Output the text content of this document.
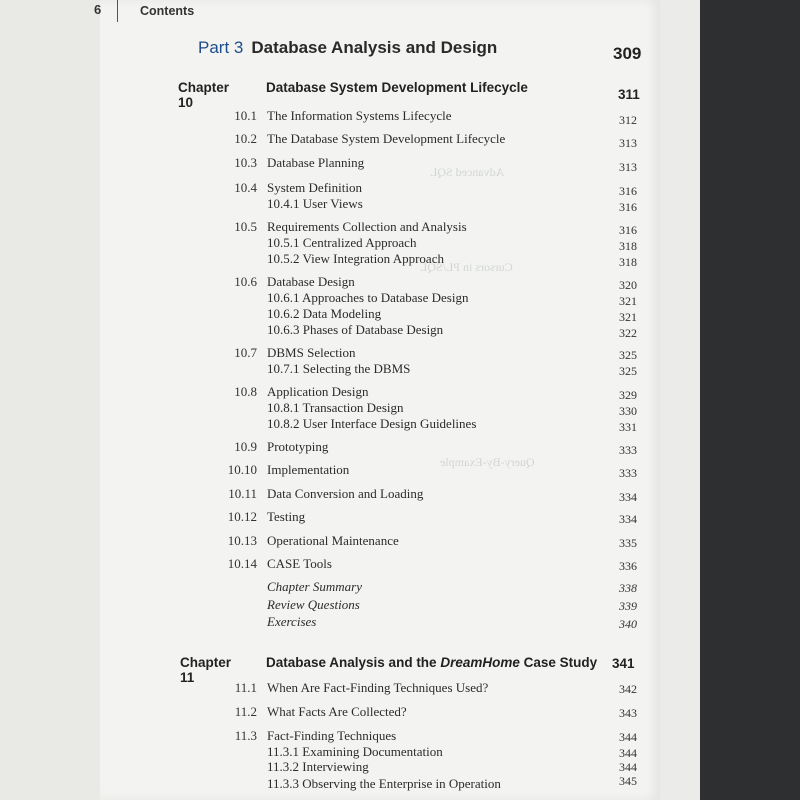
Advanced SQL
Query-By-Example
Cursors in PL/SQL
6	Contents
Part 3 Database Analysis and Design	309
Chapter 10
Database System Development Lifecycle	311
10.1 The Information Systems Lifecycle	312
10.2 The Database System Development Lifecycle	313
10.3 Database Planning	313
10.4 System Definition	316
10.4.1 User Views	316
10.5 Requirements Collection and Analysis	316
10.5.1 Centralized Approach	318
10.5.2 View Integration Approach	318
10.6 Database Design	320
10.6.1 Approaches to Database Design	321
10.6.2 Data Modeling	321
10.6.3 Phases of Database Design	322
10.7 DBMS Selection	325
10.7.1 Selecting the DBMS	325
10.8 Application Design	329
10.8.1 Transaction Design	330
10.8.2 User Interface Design Guidelines	331
10.9 Prototyping	333
10.10 Implementation	333
10.11 Data Conversion and Loading	334
10.12 Testing	334
10.13 Operational Maintenance	335
10.14 CASE Tools	336
Chapter Summary	338
Review Questions	339
Exercises	340
Chapter 11
Database Analysis and the DreamHome Case Study 341
11.1 When Are Fact-Finding Techniques Used?	342
11.2 What Facts Are Collected?	343
11.3 Fact-Finding Techniques	344
11.3.1 Examining Documentation	344
11.3.2 Interviewing	344
11.3.3 Observing the Enterprise in Operation	345
